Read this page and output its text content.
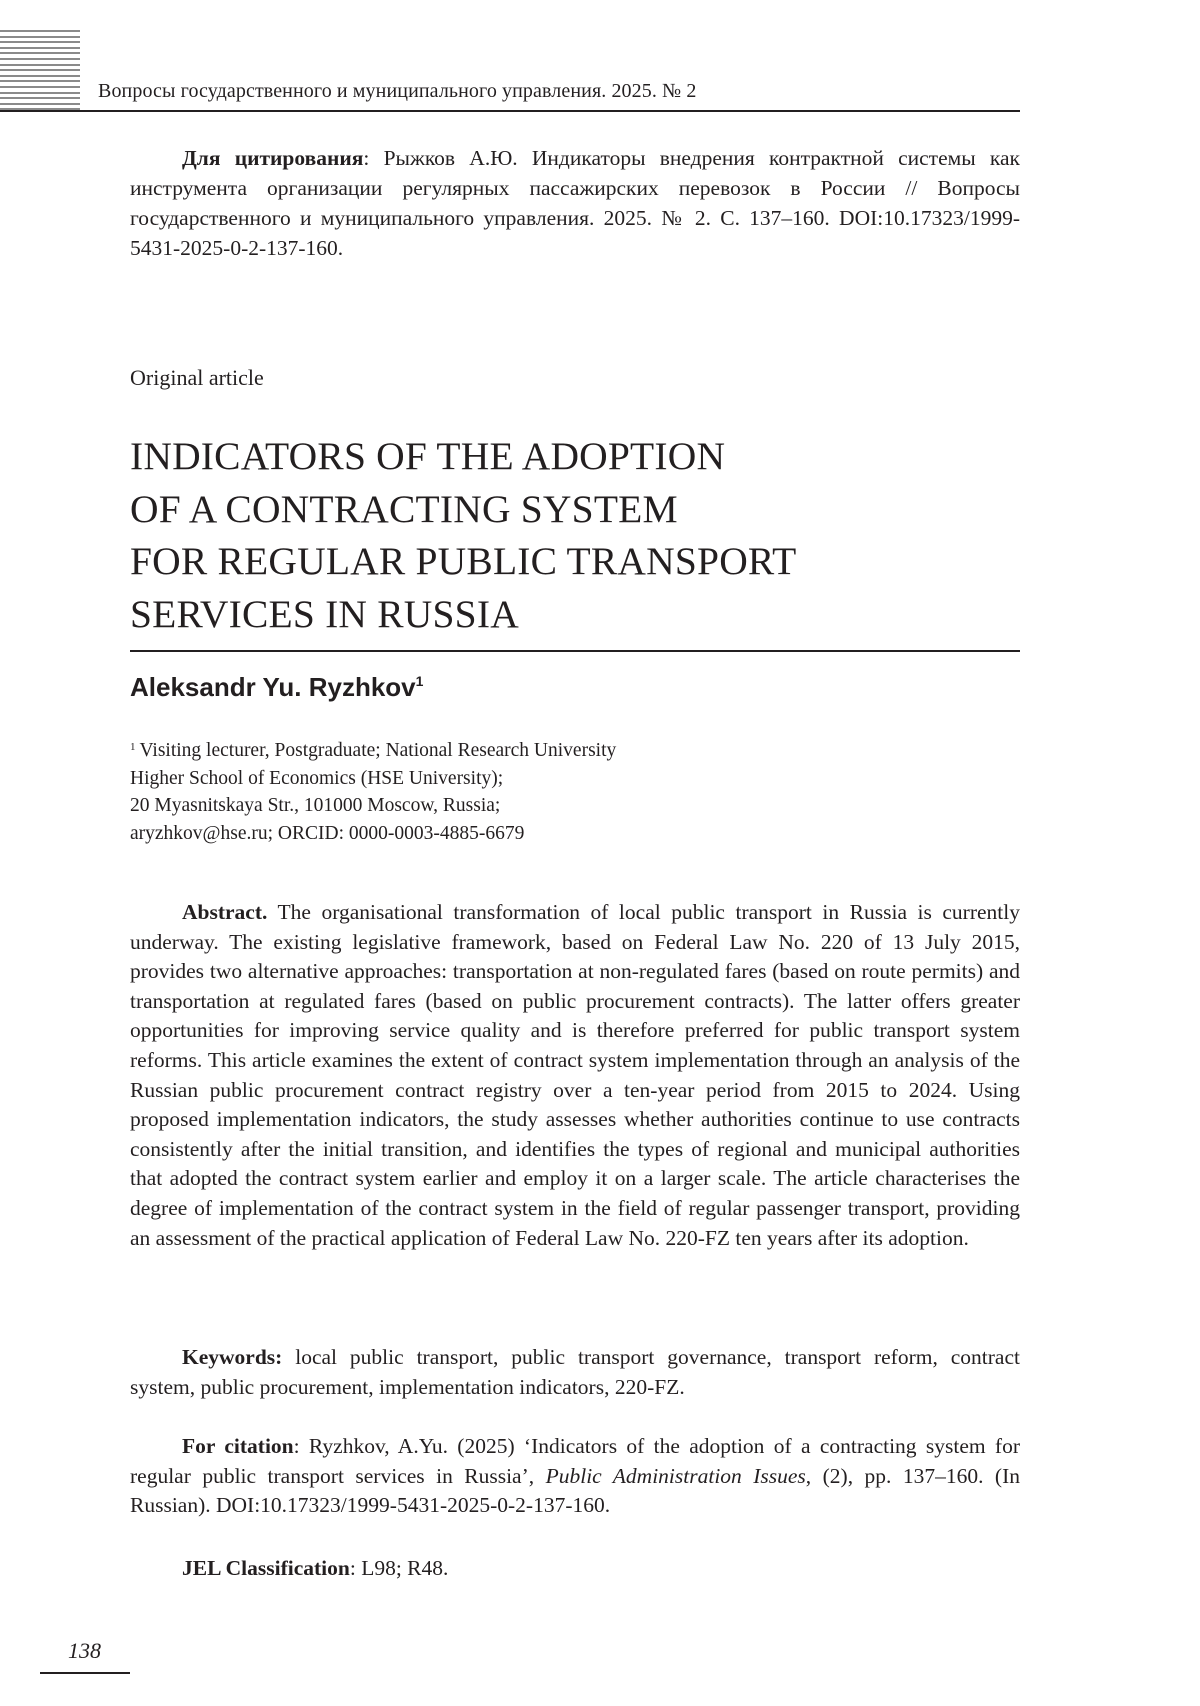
Вопросы государственного и муниципального управления. 2025. № 2

Для цитирования: Рыжков А.Ю. Индикаторы внедрения контрактной системы как инструмента организации регулярных пассажирских перевозок в России // Вопросы государственного и муниципального управления. 2025. № 2. С. 137–160. DOI:10.17323/1999-5431-2025-0-2-137-160.

Original article
INDICATORS OF THE ADOPTION
OF A CONTRACTING SYSTEM
FOR REGULAR PUBLIC TRANSPORT
SERVICES IN RUSSIA
Aleksandr Yu. Ryzhkov$^1$
$^1$ Visiting lecturer, Postgraduate; National Research University
Higher School of Economics (HSE University);
20 Myasnitskaya Str., 101000 Moscow, Russia;
aryzhkov@hse.ru; ORCID: 0000-0003-4885-6679

Abstract. The organisational transformation of local public transport in Russia is currently underway. The existing legislative framework, based on Federal Law No. 220 of 13 July 2015, provides two alternative approaches: transportation at non-regulated fares (based on route permits) and transportation at regulated fares (based on public procurement contracts). The latter offers greater opportunities for improving service quality and is therefore preferred for public transport system reforms. This article examines the extent of contract system implementation through an analysis of the Russian public procurement contract registry over a ten-year period from 2015 to 2024. Using proposed implementation indicators, the study assesses whether authorities continue to use contracts consistently after the initial transition, and identifies the types of regional and municipal authorities that adopted the contract system earlier and employ it on a larger scale. The article characterises the degree of implementation of the contract system in the field of regular passenger transport, providing an assessment of the practical application of Federal Law No. 220-FZ ten years after its adoption.

Keywords: local public transport, public transport governance, transport reform, contract system, public procurement, implementation indicators, 220-FZ.

For citation: Ryzhkov, A.Yu. (2025) ‘Indicators of the adoption of a contracting system for regular public transport services in Russia’, Public Administration Issues, (2), pp. 137–160. (In Russian). DOI:10.17323/1999-5431-2025-0-2-137-160.

JEL Classification: L98; R48.
138
